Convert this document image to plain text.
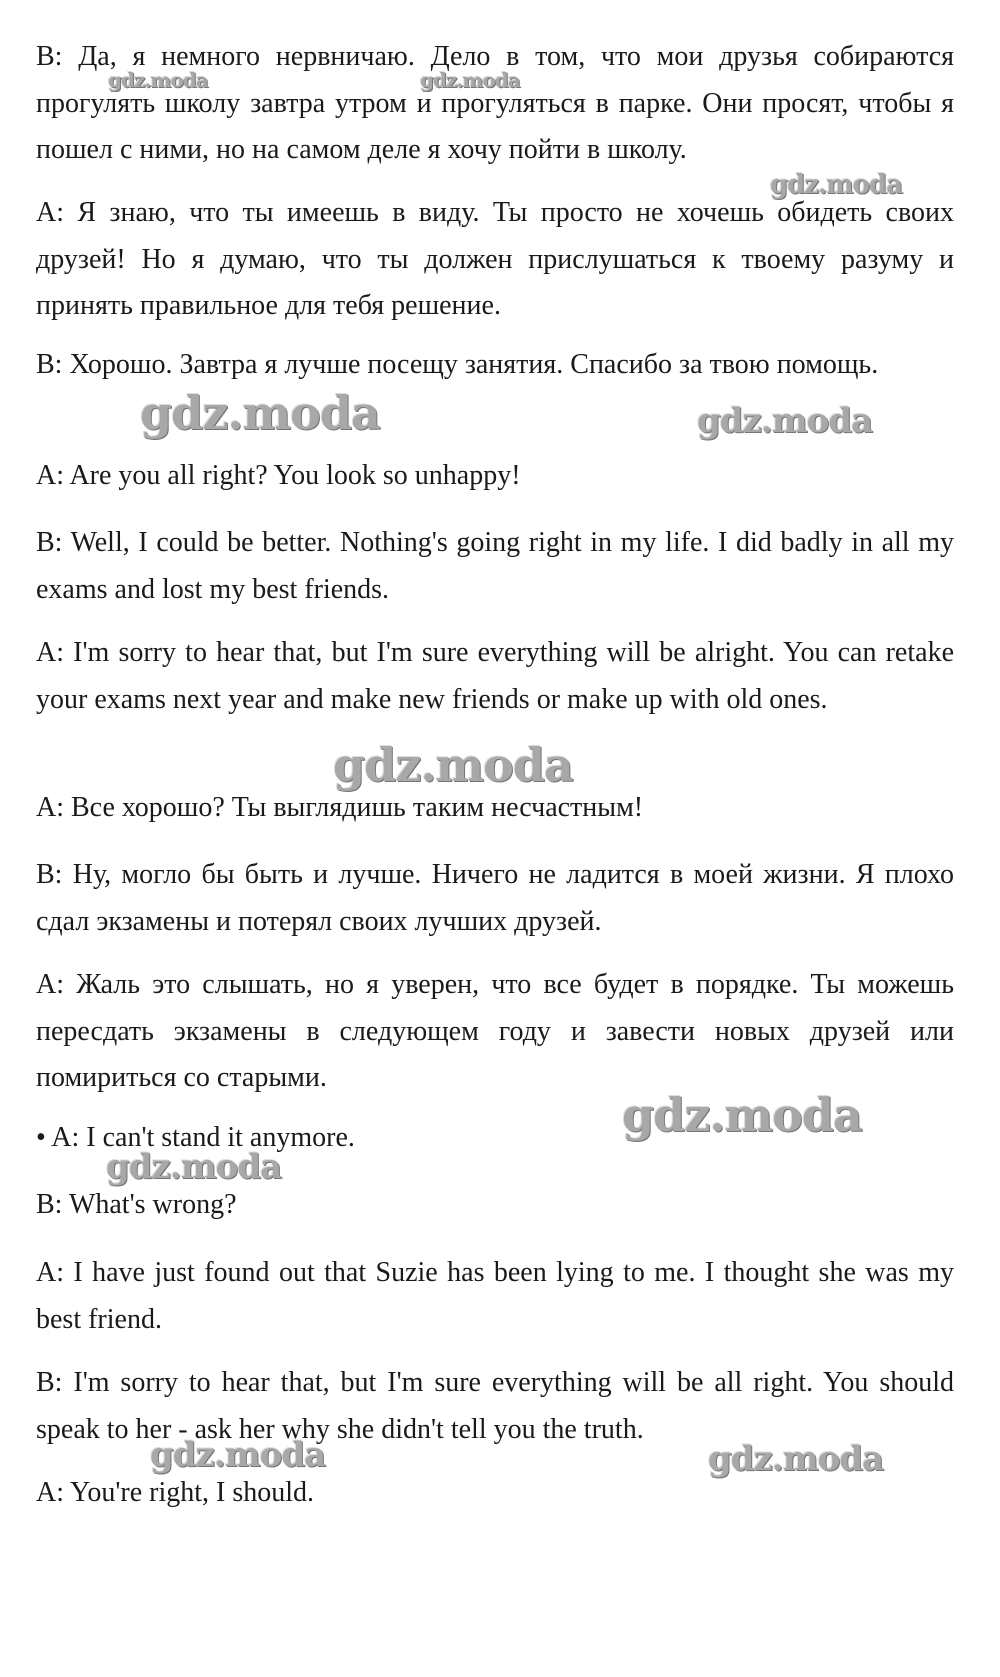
B: Да, я немного нервничаю. Дело в том, что мои друзья собираются прогулять школу завтра утром и прогуляться в парке. Они просят, чтобы я пошел с ними, но на самом деле я хочу пойти в школу.

A: Я знаю, что ты имеешь в виду. Ты просто не хочешь обидеть своих друзей! Но я думаю, что ты должен прислушаться к твоему разуму и принять правильное для тебя решение.

B: Хорошо. Завтра я лучше посещу занятия. Спасибо за твою помощь.

A: Are you all right? You look so unhappy!

B: Well, I could be better. Nothing's going right in my life. I did badly in all my exams and lost my best friends.

A: I'm sorry to hear that, but I'm sure everything will be alright. You can retake your exams next year and make new friends or make up with old ones.

A: Все хорошо? Ты выглядишь таким несчастным!

B: Ну, могло бы быть и лучше. Ничего не ладится в моей жизни. Я плохо сдал экзамены и потерял своих лучших друзей.

A: Жаль это слышать, но я уверен, что все будет в порядке. Ты можешь пересдать экзамены в следующем году и завести новых друзей или помириться со старыми.

• A: I can't stand it anymore.

B: What's wrong?

A: I have just found out that Suzie has been lying to me. I thought she was my best friend.

B: I'm sorry to hear that, but I'm sure everything will be all right. You should speak to her - ask her why she didn't tell you the truth.

A: You're right, I should.

gdz.moda	gdz.moda
gdz.moda
gdz.moda	gdz.moda
gdz.moda
gdz.moda
gdz.moda
gdz.moda	gdz.moda
